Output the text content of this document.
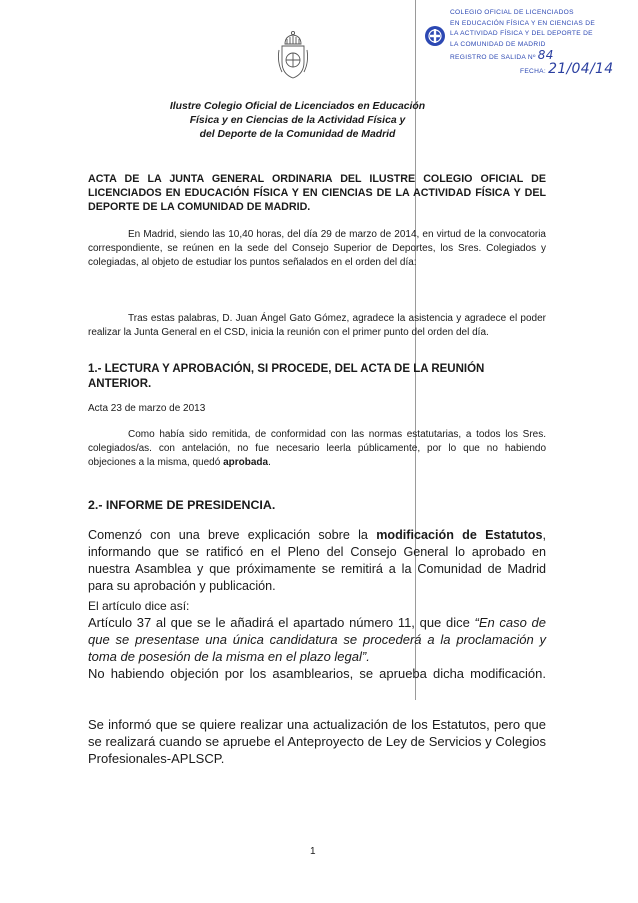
COLEGIO OFICIAL DE LICENCIADOS
EN EDUCACIÓN FÍSICA Y EN CIENCIAS DE
LA ACTIVIDAD FÍSICA Y DEL DEPORTE DE
LA COMUNIDAD DE MADRID
REGISTRO DE SALIDA Nº 84
FECHA: 21/04/14
Ilustre Colegio Oficial de Licenciados en Educación
Física y en Ciencias de la Actividad Física y
del Deporte de la Comunidad de Madrid
ACTA DE LA JUNTA GENERAL ORDINARIA DEL ILUSTRE COLEGIO OFICIAL DE LICENCIADOS EN EDUCACIÓN FÍSICA Y EN CIENCIAS DE LA ACTIVIDAD FÍSICA Y DEL DEPORTE DE LA COMUNIDAD DE MADRID.
En Madrid, siendo las 10,40 horas, del día 29 de marzo de 2014, en virtud de la convocatoria correspondiente, se reúnen en la sede del Consejo Superior de Deportes, los Sres. Colegiados y colegiadas, al objeto de estudiar los puntos señalados en el orden del día:
Tras estas palabras, D. Juan Ángel Gato Gómez, agradece la asistencia y agradece el poder realizar la Junta General en el CSD, inicia la reunión con el primer punto del orden del día.
1.- LECTURA Y APROBACIÓN, SI PROCEDE, DEL ACTA DE LA REUNIÓN ANTERIOR.
Acta 23 de marzo de 2013
Como había sido remitida, de conformidad con las normas estatutarias, a todos los Sres. colegiados/as. con antelación, no fue necesario leerla públicamente, por lo que no habiendo objeciones a la misma, quedó aprobada.
2.- INFORME DE PRESIDENCIA.
Comenzó con una breve explicación sobre la modificación de Estatutos, informando que se ratificó en el Pleno del Consejo General lo aprobado en nuestra Asamblea y que próximamente se remitirá a la Comunidad de Madrid para su aprobación y publicación.
El artículo dice así:
Artículo 37 al que se le añadirá el apartado número 11, que dice “En caso de que se presentase una única candidatura se procederá a la proclamación y toma de posesión de la misma en el plazo legal”.
No habiendo objeción por los asamblearios, se aprueba dicha modificación.
Se informó que se quiere realizar una actualización de los Estatutos, pero que se realizará cuando se apruebe el Anteproyecto de Ley de Servicios y Colegios Profesionales-APLSCP.
1
